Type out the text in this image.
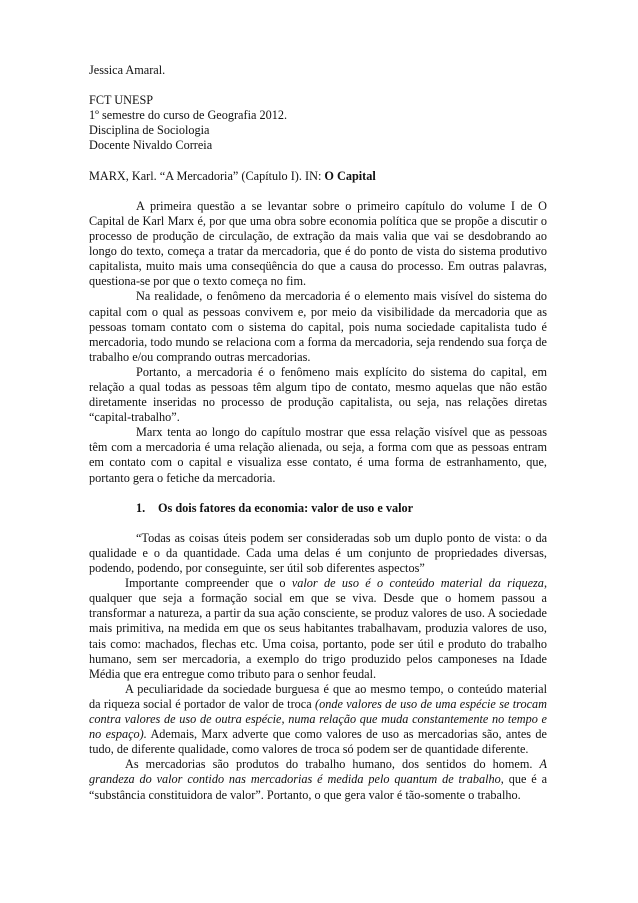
Jessica Amaral.
FCT UNESP
1º semestre do curso de Geografia 2012.
Disciplina de Sociologia
Docente Nivaldo Correia
MARX, Karl. “A Mercadoria” (Capítulo I). IN: O Capital

A primeira questão a se levantar sobre o primeiro capítulo do volume I de O Capital de Karl Marx é, por que uma obra sobre economia política que se propõe a discutir o processo de produção de circulação, de extração da mais valia que vai se desdobrando ao longo do texto, começa a tratar da mercadoria, que é do ponto de vista do sistema produtivo capitalista, muito mais uma conseqüência do que a causa do processo. Em outras palavras, questiona-se por que o texto começa no fim.

Na realidade, o fenômeno da mercadoria é o elemento mais visível do sistema do capital com o qual as pessoas convivem e, por meio da visibilidade da mercadoria que as pessoas tomam contato com o sistema do capital, pois numa sociedade capitalista tudo é mercadoria, todo mundo se relaciona com a forma da mercadoria, seja rendendo sua força de trabalho e/ou comprando outras mercadorias.

Portanto, a mercadoria é o fenômeno mais explícito do sistema do capital, em relação a qual todas as pessoas têm algum tipo de contato, mesmo aquelas que não estão diretamente inseridas no processo de produção capitalista, ou seja, nas relações diretas “capital-trabalho”.

Marx tenta ao longo do capítulo mostrar que essa relação visível que as pessoas têm com a mercadoria é uma relação alienada, ou seja, a forma com que as pessoas entram em contato com o capital e visualiza esse contato, é uma forma de estranhamento, que, portanto gera o fetiche da mercadoria.

1. Os dois fatores da economia: valor de uso e valor

“Todas as coisas úteis podem ser consideradas sob um duplo ponto de vista: o da qualidade e o da quantidade. Cada uma delas é um conjunto de propriedades diversas, podendo, podendo, por conseguinte, ser útil sob diferentes aspectos”

Importante compreender que o valor de uso é o conteúdo material da riqueza, qualquer que seja a formação social em que se viva. Desde que o homem passou a transformar a natureza, a partir da sua ação consciente, se produz valores de uso. A sociedade mais primitiva, na medida em que os seus habitantes trabalhavam, produzia valores de uso, tais como: machados, flechas etc. Uma coisa, portanto, pode ser útil e produto do trabalho humano, sem ser mercadoria, a exemplo do trigo produzido pelos camponeses na Idade Média que era entregue como tributo para o senhor feudal.

A peculiaridade da sociedade burguesa é que ao mesmo tempo, o conteúdo material da riqueza social é portador de valor de troca (onde valores de uso de uma espécie se trocam contra valores de uso de outra espécie, numa relação que muda constantemente no tempo e no espaço). Ademais, Marx adverte que como valores de uso as mercadorias são, antes de tudo, de diferente qualidade, como valores de troca só podem ser de quantidade diferente.

As mercadorias são produtos do trabalho humano, dos sentidos do homem. A grandeza do valor contido nas mercadorias é medida pelo quantum de trabalho, que é a “substância constituidora de valor”. Portanto, o que gera valor é tão-somente o trabalho.
